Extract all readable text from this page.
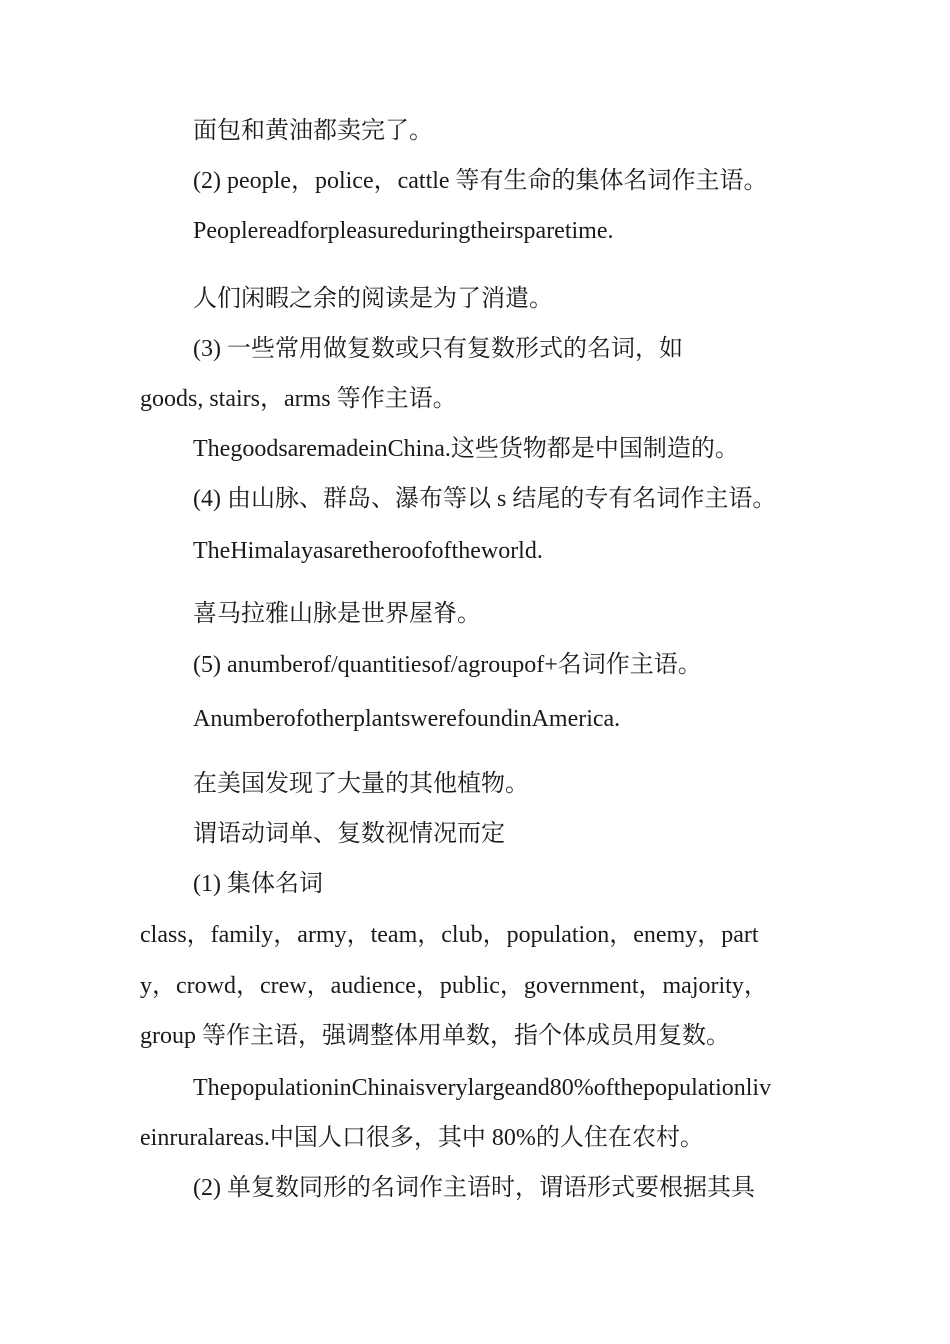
面包和黄油都卖完了。
(2) people，police，cattle 等有生命的集体名词作主语。
Peoplereadforpleasureduringtheirsparetime.
人们闲暇之余的阅读是为了消遣。
(3) 一些常用做复数或只有复数形式的名词，如
goods, stairs，arms 等作主语。
ThegoodsaremadeinChina.这些货物都是中国制造的。
(4) 由山脉、群岛、瀑布等以 s 结尾的专有名词作主语。
TheHimalayasaretheroofoftheworld.
喜马拉雅山脉是世界屋脊。
(5) anumberof/quantitiesof/agroupof+名词作主语。
AnumberofotherplantswerefoundinAmerica.
在美国发现了大量的其他植物。
谓语动词单、复数视情况而定
(1) 集体名词
class，family，army，team，club，population，enemy，part
y，crowd，crew，audience，public，government，majority，
group 等作主语，强调整体用单数，指个体成员用复数。
ThepopulationinChinaisverylargeand80%ofthepopulationliv
einruralareas.中国人口很多，其中 80%的人住在农村。
(2) 单复数同形的名词作主语时，谓语形式要根据其具
